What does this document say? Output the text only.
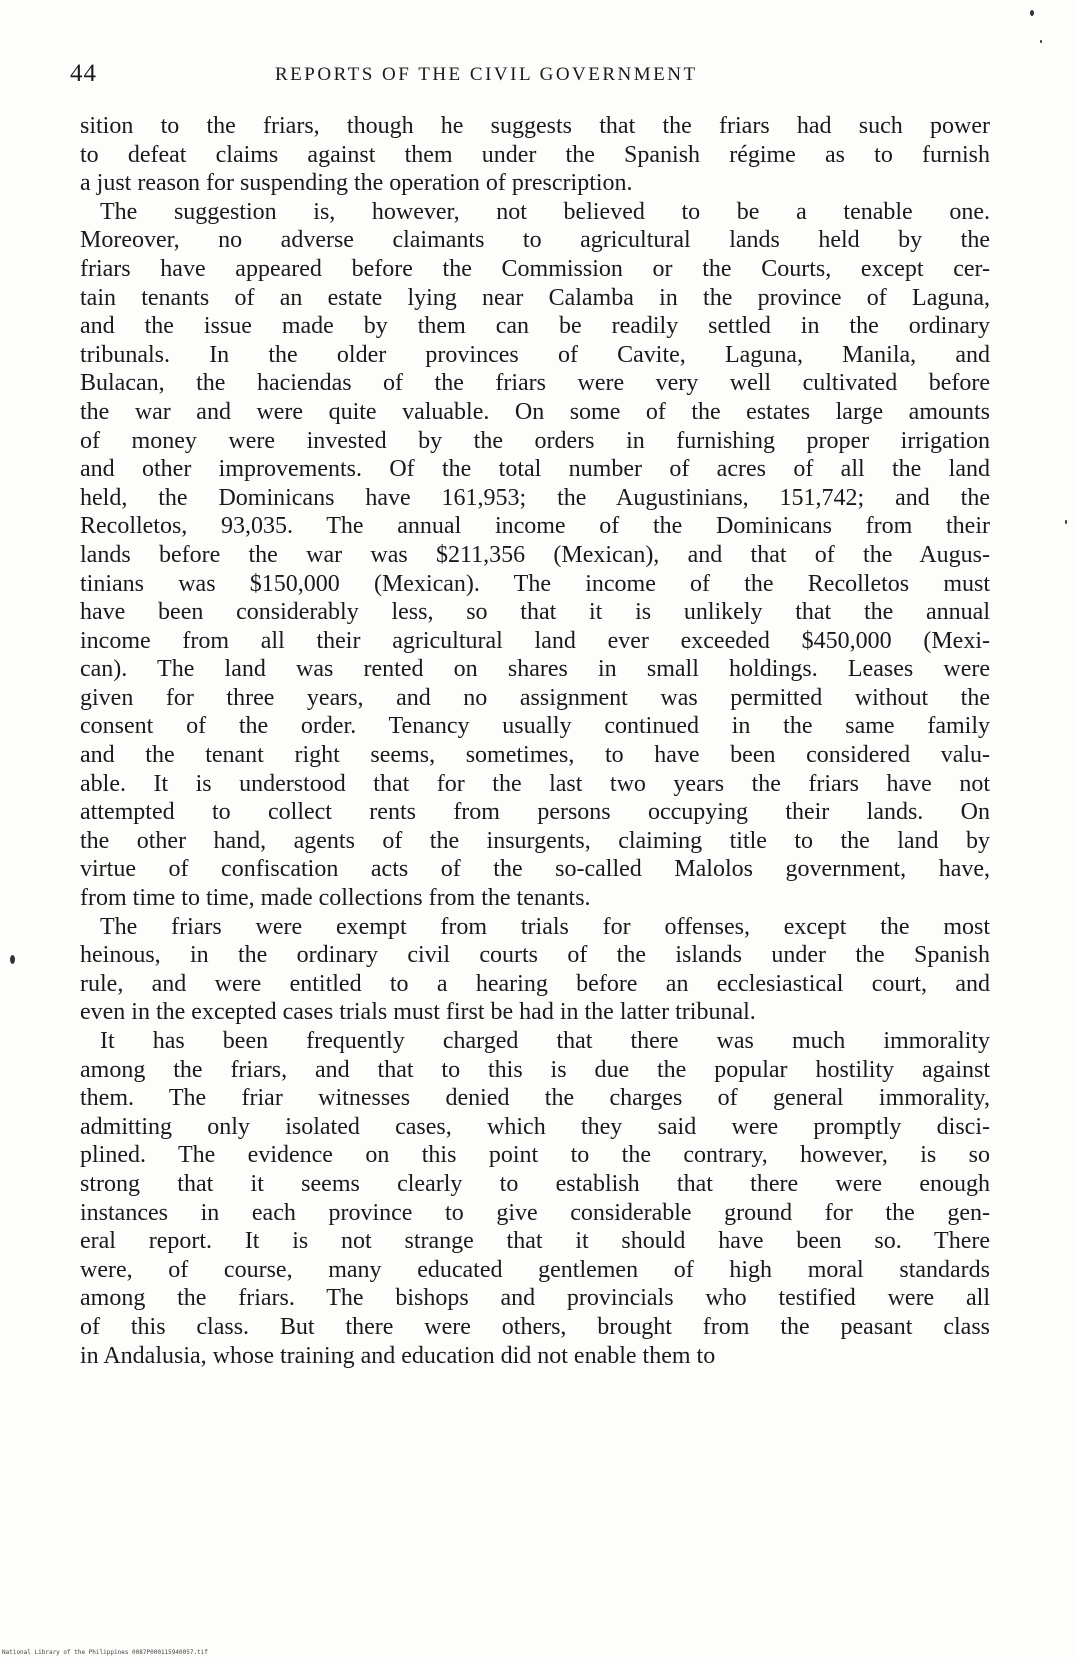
44	REPORTS OF THE CIVIL GOVERNMENT
sition to the friars, though he suggests that the friars had such power
to defeat claims against them under the Spanish régime as to furnish
a just reason for suspending the operation of prescription.
The suggestion is, however, not believed to be a tenable one.
Moreover, no adverse claimants to agricultural lands held by the
friars have appeared before the Commission or the Courts, except cer-
tain tenants of an estate lying near Calamba in the province of Laguna,
and the issue made by them can be readily settled in the ordinary
tribunals. In the older provinces of Cavite, Laguna, Manila, and
Bulacan, the haciendas of the friars were very well cultivated before
the war and were quite valuable. On some of the estates large amounts
of money were invested by the orders in furnishing proper irrigation
and other improvements. Of the total number of acres of all the land
held, the Dominicans have 161,953; the Augustinians, 151,742; and the
Recolletos, 93,035. The annual income of the Dominicans from their
lands before the war was $211,356 (Mexican), and that of the Augus-
tinians was $150,000 (Mexican). The income of the Recolletos must
have been considerably less, so that it is unlikely that the annual
income from all their agricultural land ever exceeded $450,000 (Mexi-
can). The land was rented on shares in small holdings. Leases were
given for three years, and no assignment was permitted without the
consent of the order. Tenancy usually continued in the same family
and the tenant right seems, sometimes, to have been considered valu-
able. It is understood that for the last two years the friars have not
attempted to collect rents from persons occupying their lands. On
the other hand, agents of the insurgents, claiming title to the land by
virtue of confiscation acts of the so-called Malolos government, have,
from time to time, made collections from the tenants.
The friars were exempt from trials for offenses, except the most
heinous, in the ordinary civil courts of the islands under the Spanish
rule, and were entitled to a hearing before an ecclesiastical court, and
even in the excepted cases trials must first be had in the latter tribunal.
It has been frequently charged that there was much immorality
among the friars, and that to this is due the popular hostility against
them. The friar witnesses denied the charges of general immorality,
admitting only isolated cases, which they said were promptly disci-
plined. The evidence on this point to the contrary, however, is so
strong that it seems clearly to establish that there were enough
instances in each province to give considerable ground for the gen-
eral report. It is not strange that it should have been so. There
were, of course, many educated gentlemen of high moral standards
among the friars. The bishops and provincials who testified were all
of this class. But there were others, brought from the peasant class
in Andalusia, whose training and education did not enable them to
National Library of the Philippines 0087P000115940057.tif
